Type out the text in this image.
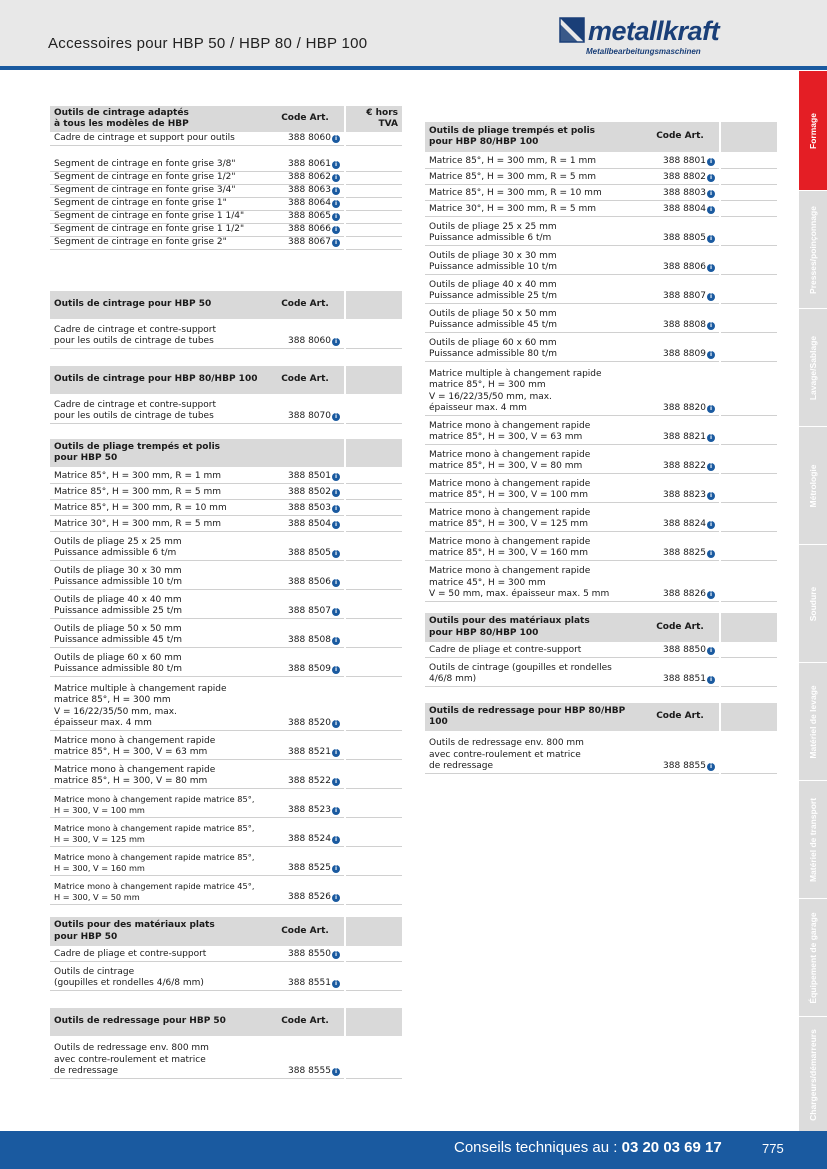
Accessoires pour HBP 50 / HBP 80 / HBP 100	metallkraft
Metallbearbeitungsmaschinen
Outils de cintrage adaptés
à tous les modèles de HBP	Code Art.		€ hors
TVA
Cadre de cintrage et support pour outils	388 8060 i		
Segment de cintrage en fonte grise 3/8"	388 8061 i		
Segment de cintrage en fonte grise 1/2"	388 8062 i		
Segment de cintrage en fonte grise 3/4"	388 8063 i		
Segment de cintrage en fonte grise 1"	388 8064 i		
Segment de cintrage en fonte grise 1 1/4"	388 8065 i		
Segment de cintrage en fonte grise 1 1/2"	388 8066 i		
Segment de cintrage en fonte grise 2"	388 8067 i		
Outils de cintrage pour HBP 50	Code Art.		
Cadre de cintrage et contre-support
pour les outils de cintrage de tubes	388 8060 i		
Outils de cintrage pour HBP 80/HBP 100	Code Art.		
Cadre de cintrage et contre-support
pour les outils de cintrage de tubes	388 8070 i		
Outils de pliage trempés et polis
pour HBP 50			
Matrice 85°, H = 300 mm, R = 1 mm	388 8501 i		
Matrice 85°, H = 300 mm, R = 5 mm	388 8502 i		
Matrice 85°, H = 300 mm, R = 10 mm	388 8503 i		
Matrice 30°, H = 300 mm, R = 5 mm	388 8504 i		
Outils de pliage 25 x 25 mm
Puissance admissible 6 t/m	388 8505 i		
Outils de pliage 30 x 30 mm
Puissance admissible 10 t/m	388 8506 i		
Outils de pliage 40 x 40 mm
Puissance admissible 25 t/m	388 8507 i		
Outils de pliage 50 x 50 mm
Puissance admissible 45 t/m	388 8508 i		
Outils de pliage 60 x 60 mm
Puissance admissible 80 t/m	388 8509 i		
Matrice multiple à changement rapide
matrice 85°, H = 300 mm
V = 16/22/35/50 mm, max.
épaisseur max. 4 mm	388 8520 i		
Matrice mono à changement rapide
matrice 85°, H = 300, V = 63 mm	388 8521 i		
Matrice mono à changement rapide
matrice 85°, H = 300, V = 80 mm	388 8522 i		
Matrice mono à changement rapide matrice 85°,
H = 300, V = 100 mm	388 8523 i		
Matrice mono à changement rapide matrice 85°,
H = 300, V = 125 mm	388 8524 i		
Matrice mono à changement rapide matrice 85°,
H = 300, V = 160 mm	388 8525 i		
Matrice mono à changement rapide matrice 45°,
H = 300, V = 50 mm	388 8526 i		
Outils pour des matériaux plats
pour HBP 50	Code Art.		
Cadre de pliage et contre-support	388 8550 i		
Outils de cintrage
(goupilles et rondelles 4/6/8 mm)	388 8551 i		
Outils de redressage pour HBP 50	Code Art.		
Outils de redressage env. 800 mm
avec contre-roulement et matrice
de redressage	388 8555 i		
Outils de pliage trempés et polis
pour HBP 80/HBP 100	Code Art.		
Matrice 85°, H = 300 mm, R = 1 mm	388 8801 i		
Matrice 85°, H = 300 mm, R = 5 mm	388 8802 i		
Matrice 85°, H = 300 mm, R = 10 mm	388 8803 i		
Matrice 30°, H = 300 mm, R = 5 mm	388 8804 i		
Outils de pliage 25 x 25 mm
Puissance admissible 6 t/m	388 8805 i		
Outils de pliage 30 x 30 mm
Puissance admissible 10 t/m	388 8806 i		
Outils de pliage 40 x 40 mm
Puissance admissible 25 t/m	388 8807 i		
Outils de pliage 50 x 50 mm
Puissance admissible 45 t/m	388 8808 i		
Outils de pliage 60 x 60 mm
Puissance admissible 80 t/m	388 8809 i		
Matrice multiple à changement rapide
matrice 85°, H = 300 mm
V = 16/22/35/50 mm, max.
épaisseur max. 4 mm	388 8820 i		
Matrice mono à changement rapide
matrice 85°, H = 300, V = 63 mm	388 8821 i		
Matrice mono à changement rapide
matrice 85°, H = 300, V = 80 mm	388 8822 i		
Matrice mono à changement rapide
matrice 85°, H = 300, V = 100 mm	388 8823 i		
Matrice mono à changement rapide
matrice 85°, H = 300, V = 125 mm	388 8824 i		
Matrice mono à changement rapide
matrice 85°, H = 300, V = 160 mm	388 8825 i		
Matrice mono à changement rapide
matrice 45°, H = 300 mm
V = 50 mm, max. épaisseur max. 5 mm	388 8826 i		
Outils pour des matériaux plats
pour HBP 80/HBP 100	Code Art.		
Cadre de pliage et contre-support	388 8850 i		
Outils de cintrage (goupilles et rondelles
4/6/8 mm)	388 8851 i		
Outils de redressage pour HBP 80/HBP 100	Code Art.		
Outils de redressage env. 800 mm
avec contre-roulement et matrice
de redressage	388 8855 i		
Formage
Presses/poinçonnage
Lavage/Sablage
Métrologie
Soudure
Matériel de levage
Matériel de transport
Équipement de garage
Chargeurs/démarreurs
Conseils techniques au : 03 20 03 69 17	775
